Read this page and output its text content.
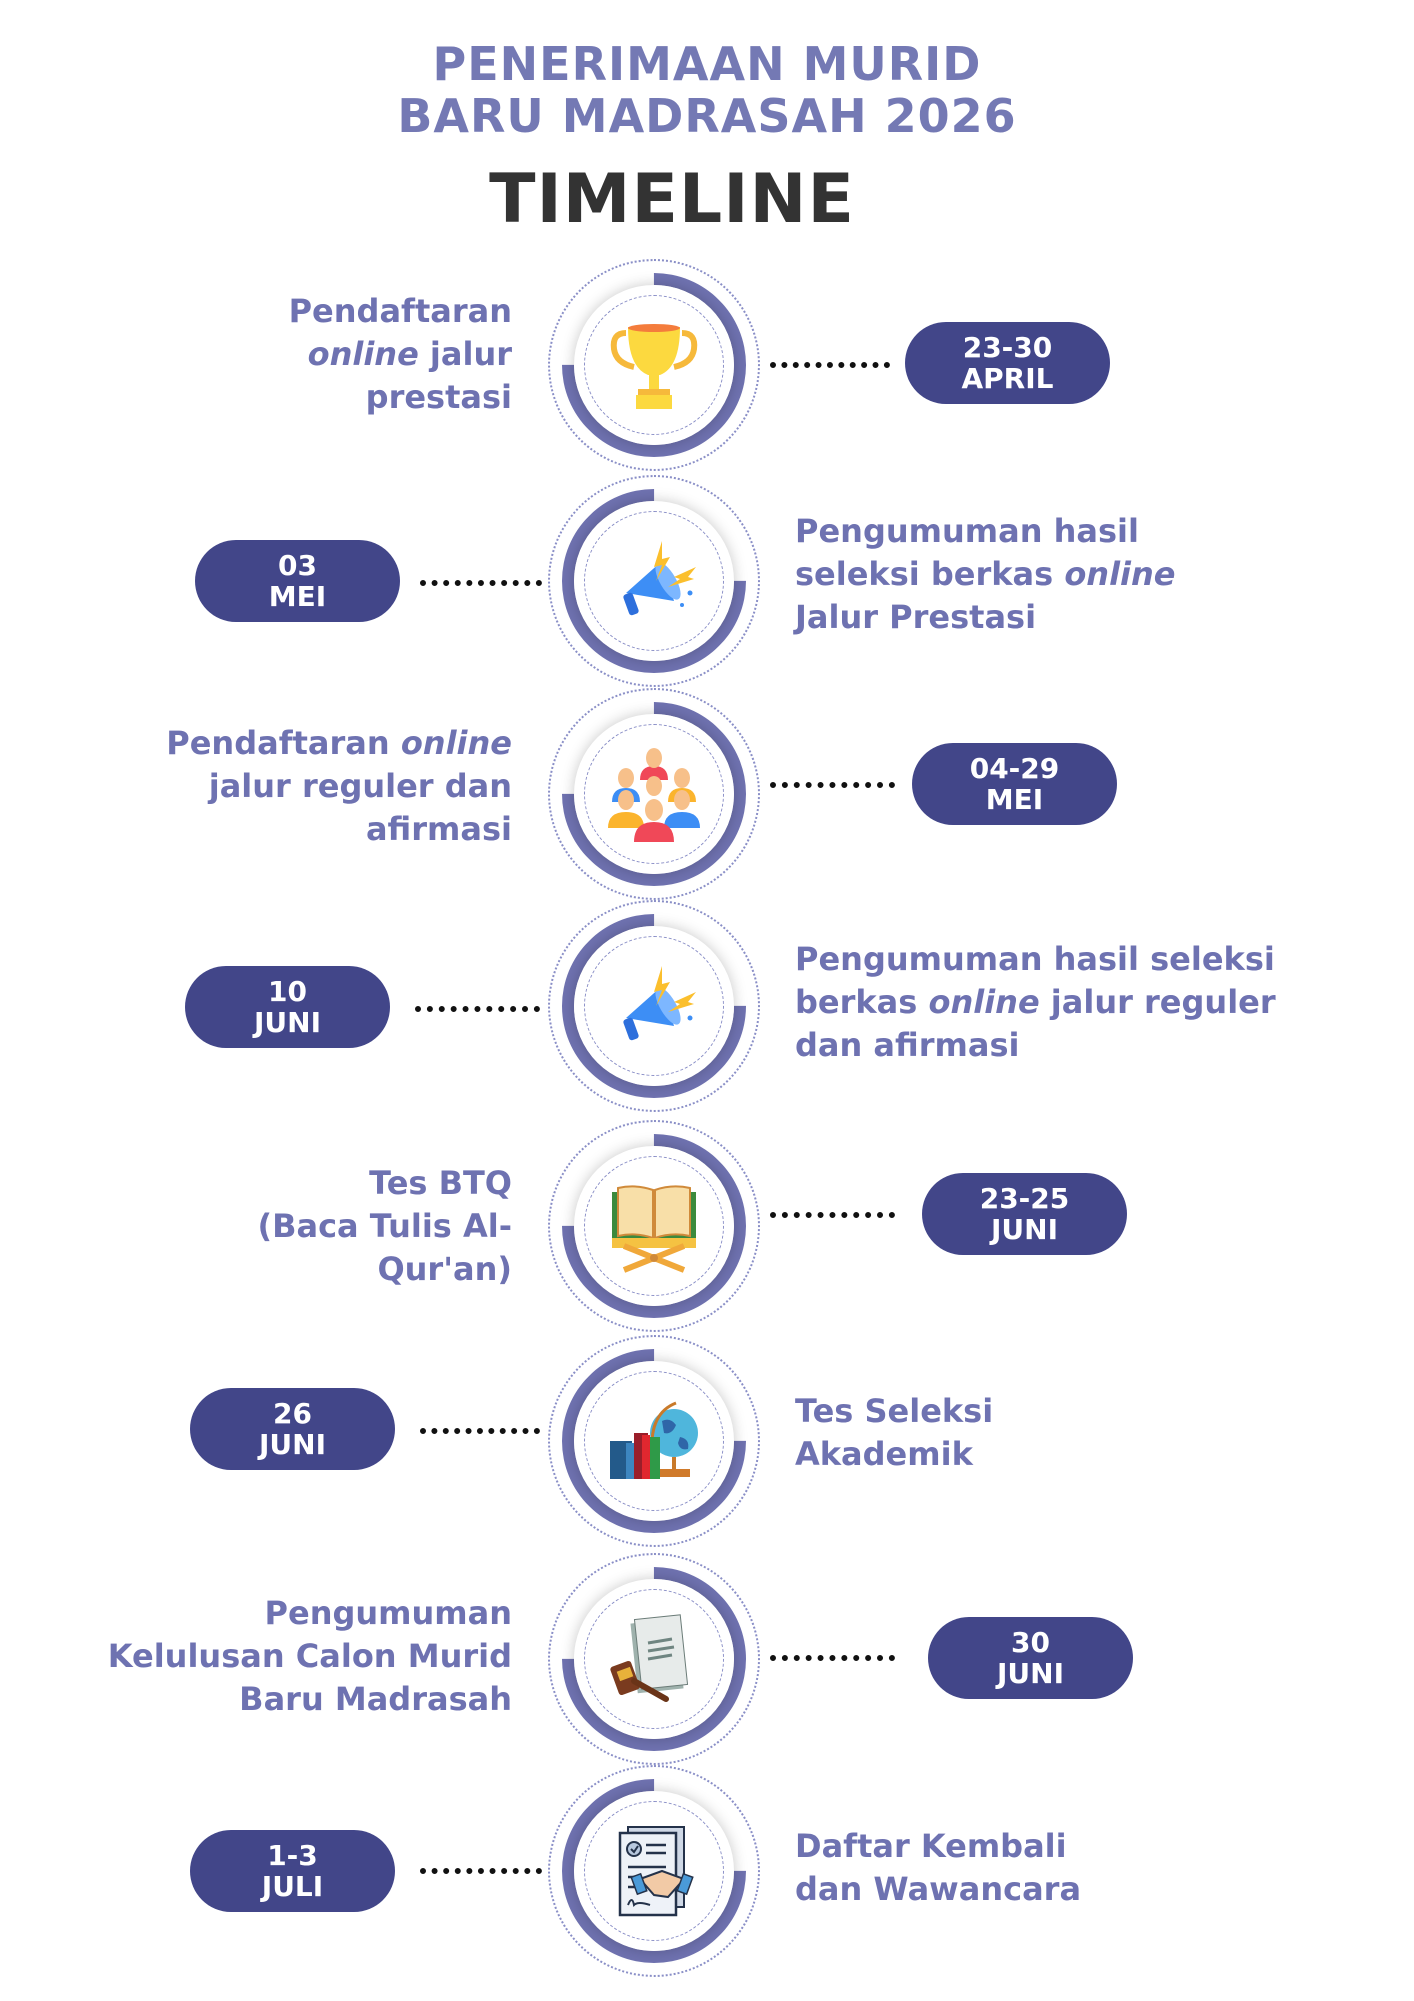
PENERIMAAN MURID
BARU MADRASAH 2026
TIMELINE
Pendaftaran
online jalur
prestasi
23-30
APRIL
03
MEI
Pengumuman hasil
seleksi berkas online
Jalur Prestasi
Pendaftaran online
jalur reguler dan
afirmasi
04-29
MEI
10
JUNI
Pengumuman hasil seleksi
berkas online jalur reguler
dan afirmasi
Tes BTQ
(Baca Tulis Al-
Qur'an)
23-25
JUNI
26
JUNI
Tes Seleksi
Akademik
Pengumuman
Kelulusan Calon Murid
Baru Madrasah
30
JUNI
1-3
JULI
Daftar Kembali
dan Wawancara
